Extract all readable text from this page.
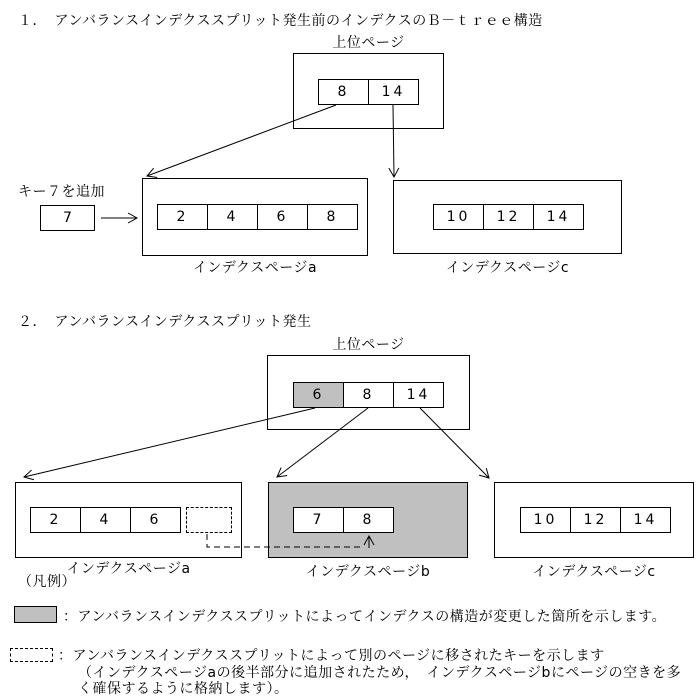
１．　アンバランスインデクススプリット発生前のインデクスのＢ－ｔｒｅｅ構造
上位ページ
8	14
キー７を追加
7	2	4	6	8
インデクスページa
10	12	14
インデクスページc
２．　アンバランスインデクススプリット発生
上位ページ
6	8	14
2	4	6
インデクスページa
7	8
インデクスページb
10	12	14
インデクスページc
（凡例）
：アンバランスインデクススプリットによってインデクスの構造が変更した箇所を示します。
：アンバランスインデクススプリットによって別のページに移されたキーを示します
（インデクスページaの後半部分に追加されたため，　インデクスページbにページの空きを多
く確保するように格納します）。
